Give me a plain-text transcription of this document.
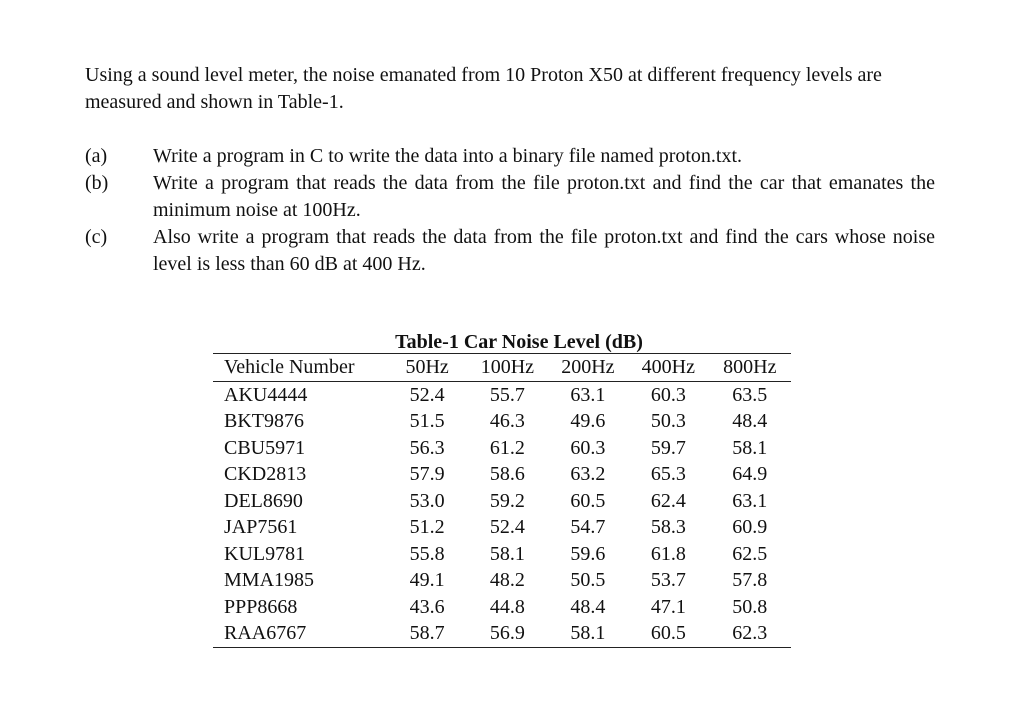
Using a sound level meter, the noise emanated from 10 Proton X50 at different frequency levels are measured and shown in Table-1.
(a)	Write a program in C to write the data into a binary file named proton.txt.
(b)	Write a program that reads the data from the file proton.txt and find the car that emanates the minimum noise at 100Hz.
(c)	Also write a program that reads the data from the file proton.txt and find the cars whose noise level is less than 60 dB at 400 Hz.
Table-1 Car Noise Level (dB)
Vehicle Number	50Hz	100Hz	200Hz	400Hz	800Hz
AKU4444	52.4	55.7	63.1	60.3	63.5
BKT9876	51.5	46.3	49.6	50.3	48.4
CBU5971	56.3	61.2	60.3	59.7	58.1
CKD2813	57.9	58.6	63.2	65.3	64.9
DEL8690	53.0	59.2	60.5	62.4	63.1
JAP7561	51.2	52.4	54.7	58.3	60.9
KUL9781	55.8	58.1	59.6	61.8	62.5
MMA1985	49.1	48.2	50.5	53.7	57.8
PPP8668	43.6	44.8	48.4	47.1	50.8
RAA6767	58.7	56.9	58.1	60.5	62.3
